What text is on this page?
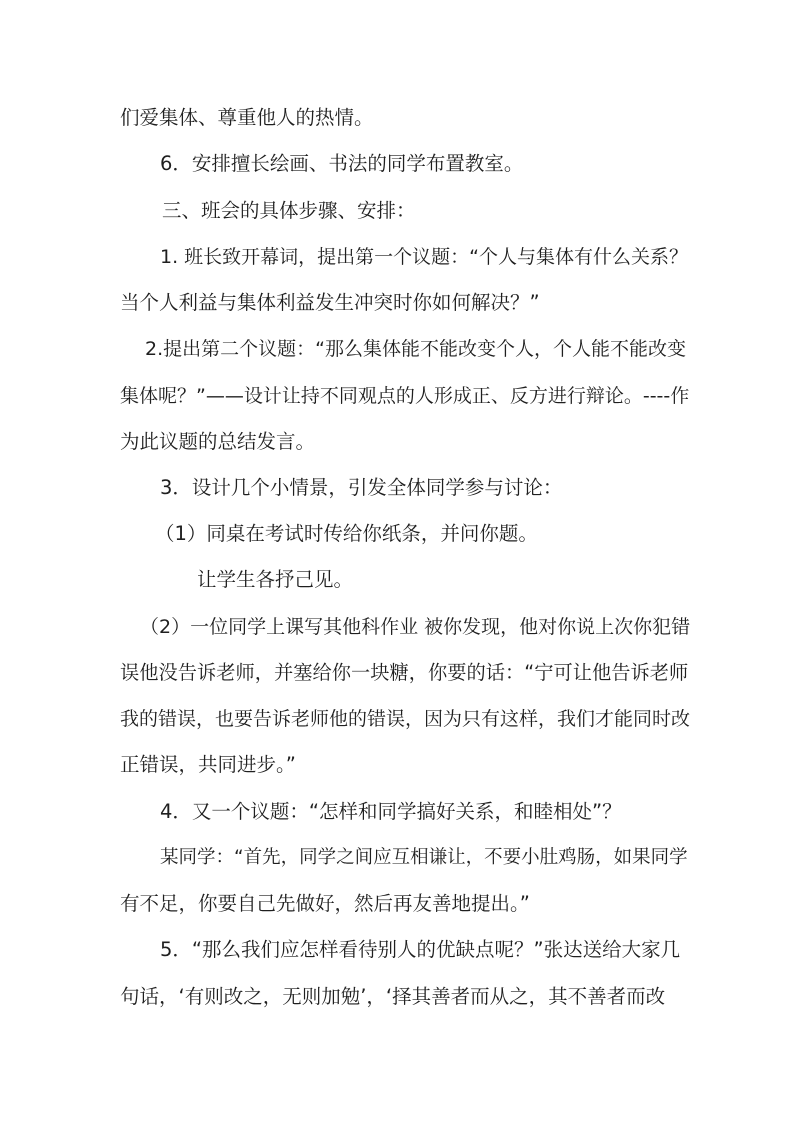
们爱集体、尊重他人的热情。
6．安排擅长绘画、书法的同学布置教室。
三、班会的具体步骤、安排：
1. 班长致开幕词，提出第一个议题：“个人与集体有什么关系？
当个人利益与集体利益发生冲突时你如何解决？”
2.提出第二个议题：“那么集体能不能改变个人，个人能不能改变
集体呢？”——设计让持不同观点的人形成正、反方进行辩论。----作
为此议题的总结发言。
3．设计几个小情景，引发全体同学参与讨论：
（1）同桌在考试时传给你纸条，并问你题。
让学生各抒己见。
（2）一位同学上课写其他科作业 被你发现，他对你说上次你犯错
误他没告诉老师，并塞给你一块糖，你要的话：“宁可让他告诉老师
我的错误，也要告诉老师他的错误，因为只有这样，我们才能同时改
正错误，共同进步。”
4．又一个议题：“怎样和同学搞好关系，和睦相处”？
某同学：“首先，同学之间应互相谦让，不要小肚鸡肠，如果同学
有不足，你要自己先做好，然后再友善地提出。”
5．“那么我们应怎样看待别人的优缺点呢？”张达送给大家几
句话，‘有则改之，无则加勉’，‘择其善者而从之，其不善者而改
